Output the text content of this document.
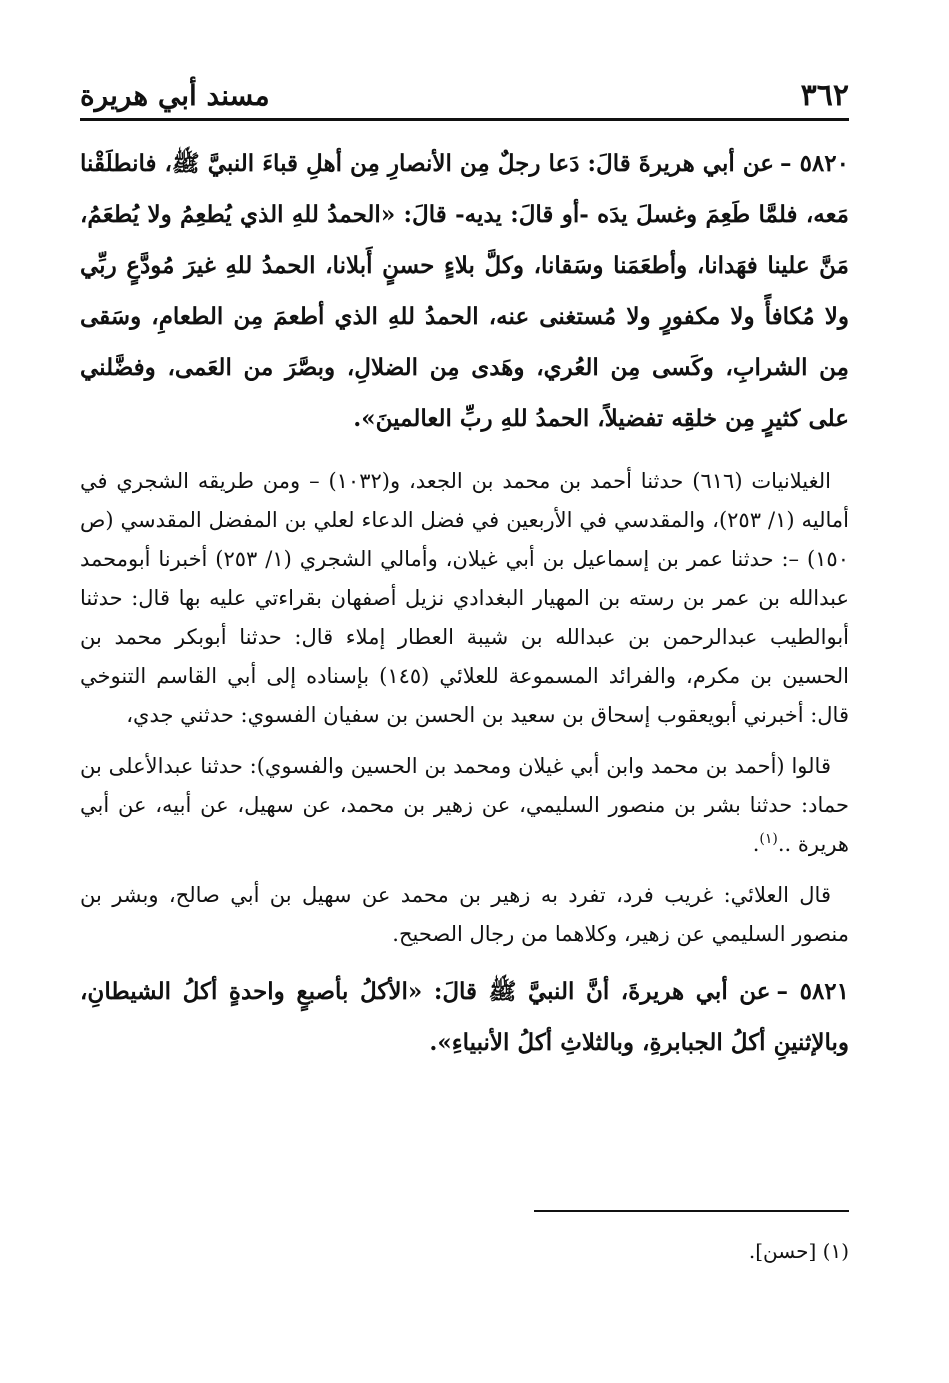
٣٦٢
مسند أبي هريرة

٥٨٢٠ –عن أبي هريرةَ قالَ: دَعا رجلٌ مِن الأنصارِ مِن أهلِ قباءَ النبيَّ ﷺ، فانطلَقْنا مَعه، فلمَّا طَعِمَ وغسلَ يدَه -أو قالَ: يديه- قالَ: «الحمدُ للهِ الذي يُطعِمُ ولا يُطعَمُ، مَنَّ علينا فهَدانا، وأطعَمَنا وسَقانا، وكلَّ بلاءٍ حسنٍ أَبلانا، الحمدُ للهِ غيرَ مُودَّعٍ ربِّي ولا مُكافأً ولا مكفورٍ ولا مُستغنى عنه، الحمدُ للهِ الذي أطعمَ مِن الطعامِ، وسَقى مِن الشرابِ، وكَسى مِن العُري، وهَدى مِن الضلالِ، وبصَّرَ من العَمى، وفضَّلني على كثيرٍ مِن خلقِه تفضيلاً، الحمدُ للهِ ربِّ العالمينَ».

الغيلانيات (٦١٦) حدثنا أحمد بن محمد بن الجعد، و(١٠٣٢) – ومن طريقه الشجري في أماليه (١/ ٢٥٣)، والمقدسي في الأربعين في فضل الدعاء لعلي بن المفضل المقدسي (ص ١٥٠) –: حدثنا عمر بن إسماعيل بن أبي غيلان، وأمالي الشجري (١/ ٢٥٣) أخبرنا أبومحمد عبدالله بن عمر بن رسته بن المهيار البغدادي نزيل أصفهان بقراءتي عليه بها قال: حدثنا أبوالطيب عبدالرحمن بن عبدالله بن شيبة العطار إملاء قال: حدثنا أبوبكر محمد بن الحسين بن مكرم، والفرائد المسموعة للعلائي (١٤٥) بإسناده إلى أبي القاسم التنوخي قال: أخبرني أبويعقوب إسحاق بن سعيد بن الحسن بن سفيان الفسوي: حدثني جدي،

قالوا (أحمد بن محمد وابن أبي غيلان ومحمد بن الحسين والفسوي): حدثنا عبدالأعلى بن حماد: حدثنا بشر بن منصور السليمي، عن زهير بن محمد، عن سهيل، عن أبيه، عن أبي هريرة ..$^{(١)}$.

قال العلائي: غريب فرد، تفرد به زهير بن محمد عن سهيل بن أبي صالح، وبشر بن منصور السليمي عن زهير، وكلاهما من رجال الصحيح.

٥٨٢١ –عن أبي هريرةَ، أنَّ النبيَّ ﷺ قالَ: «الأكلُ بأصبعٍ واحدةٍ أكلُ الشيطانِ، وبالإثنينِ أكلُ الجبابرةِ، وبالثلاثِ أكلُ الأنبياءِ».

(١) [حسن].
